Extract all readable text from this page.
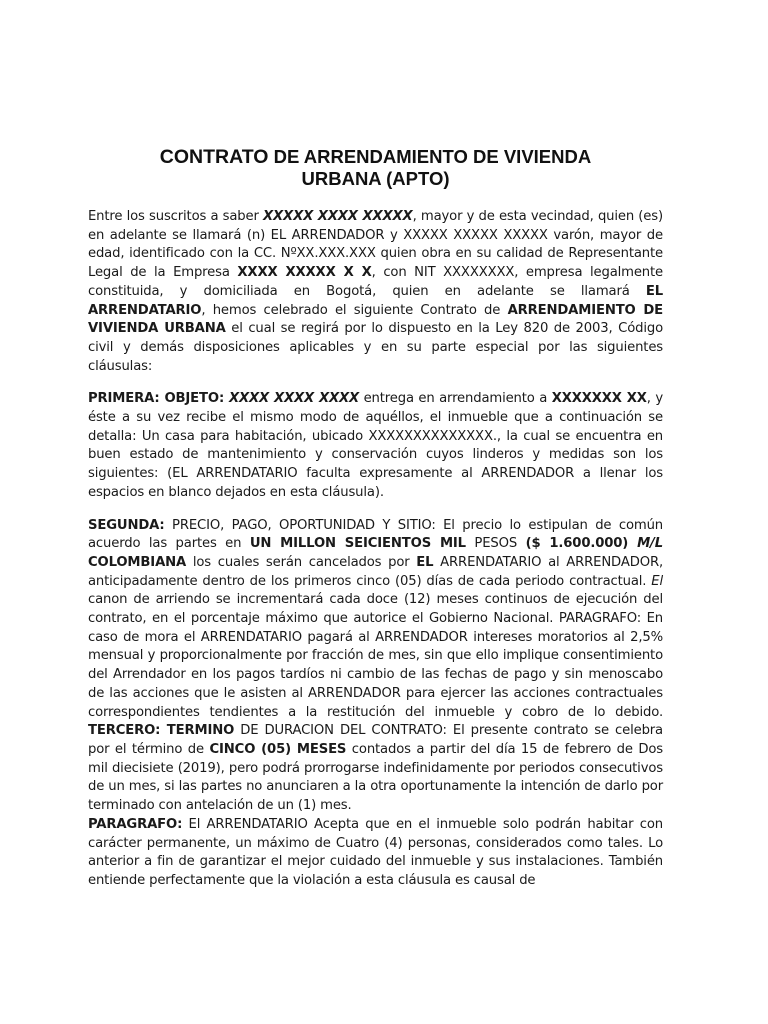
CONTRATO DE ARRENDAMIENTO DE VIVIENDA
URBANA (APTO)

Entre los suscritos a saber XXXXX XXXX XXXXX, mayor y de esta vecindad, quien (es) en adelante se llamará (n) EL ARRENDADOR y XXXXX XXXXX XXXXX varón, mayor de edad, identificado con la CC. NºXX.XXX.XXX quien obra en su calidad de Representante Legal de la Empresa XXXX XXXXX X X, con NIT XXXXXXXX, empresa legalmente constituida, y domiciliada en Bogotá, quien en adelante se llamará EL ARRENDATARIO, hemos celebrado el siguiente Contrato de ARRENDAMIENTO DE VIVIENDA URBANA el cual se regirá por lo dispuesto en la Ley 820 de 2003, Código civil y demás disposiciones aplicables y en su parte especial por las siguientes cláusulas:

PRIMERA: OBJETO: XXXX XXXX XXXX entrega en arrendamiento a XXXXXXX XX, y éste a su vez recibe el mismo modo de aquéllos, el inmueble que a continuación se detalla: Un casa para habitación, ubicado XXXXXXXXXXXXXX., la cual se encuentra en buen estado de mantenimiento y conservación cuyos linderos y medidas son los siguientes: (EL ARRENDATARIO faculta expresamente al ARRENDADOR a llenar los espacios en blanco dejados en esta cláusula).

SEGUNDA: PRECIO, PAGO, OPORTUNIDAD Y SITIO: El precio lo estipulan de común acuerdo las partes en UN MILLON SEICIENTOS MIL PESOS ($ 1.600.000) M/L COLOMBIANA los cuales serán cancelados por EL ARRENDATARIO al ARRENDADOR, anticipadamente dentro de los primeros cinco (05) días de cada periodo contractual. El canon de arriendo se incrementará cada doce (12) meses continuos de ejecución del contrato, en el porcentaje máximo que autorice el Gobierno Nacional. PARAGRAFO: En caso de mora el ARRENDATARIO pagará al ARRENDADOR intereses moratorios al 2,5% mensual y proporcionalmente por fracción de mes, sin que ello implique consentimiento del Arrendador en los pagos tardíos ni cambio de las fechas de pago y sin menoscabo de las acciones que le asisten al ARRENDADOR para ejercer las acciones contractuales correspondientes tendientes a la restitución del inmueble y cobro de lo debido. TERCERO: TERMINO DE DURACION DEL CONTRATO: El presente contrato se celebra por el término de CINCO (05) MESES contados a partir del día 15 de febrero de Dos mil diecisiete (2019), pero podrá prorrogarse indefinidamente por periodos consecutivos de un mes, si las partes no anunciaren a la otra oportunamente la intención de darlo por terminado con antelación de un (1) mes.

PARAGRAFO: El ARRENDATARIO Acepta que en el inmueble solo podrán habitar con carácter permanente, un máximo de Cuatro (4) personas, considerados como tales. Lo anterior a fin de garantizar el mejor cuidado del inmueble y sus instalaciones. También entiende perfectamente que la violación a esta cláusula es causal de
